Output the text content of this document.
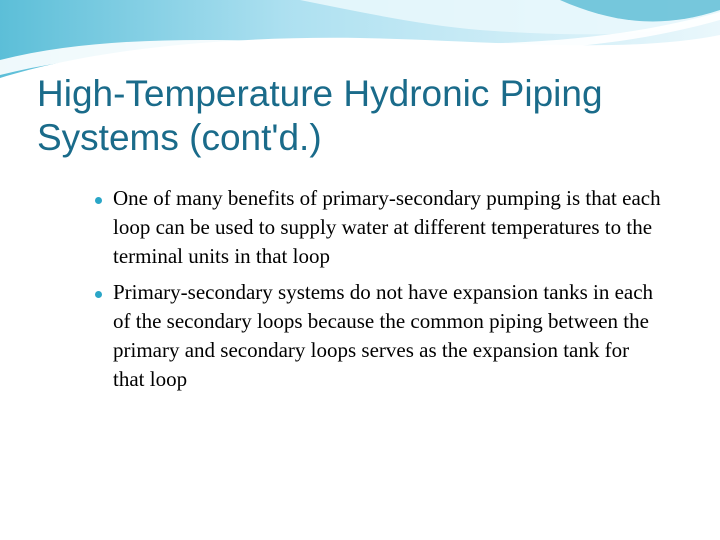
High-Temperature Hydronic Piping
Systems (cont'd.)
One of many benefits of primary-secondary pumping is that each loop can be used to supply water at different temperatures to the terminal units in that loop
Primary-secondary systems do not have expansion tanks in each of the secondary loops because the common piping between the primary and secondary loops serves as the expansion tank for that loop
